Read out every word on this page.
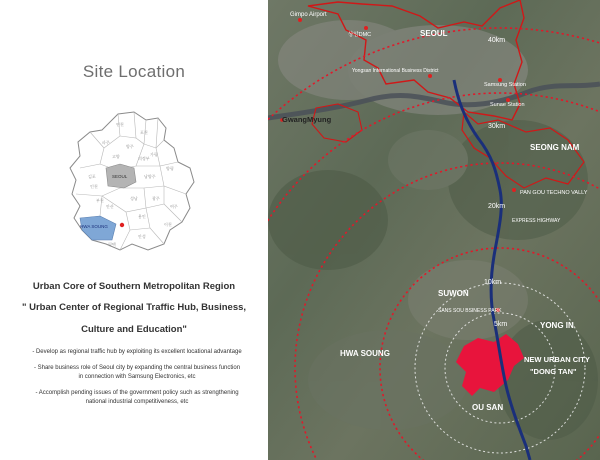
Site Location
연천
포천
파주
양주
가평
고양	의정부
양평
김포	남양주
부천	성남	광주
여주
안산
용인
이천
안성
평택
인천
SEOUL
HWA SOUNG
Urban Core of Southern Metropolitan Region
" Urban Center of Regional Traffic Hub, Business,
Culture and Education"
- Develop as regional traffic hub by exploiting its excellent locational advantage
- Share business role of Seoul city by expanding the central business function
in connection with Samsung Electronics, etc
- Accomplish pending issues of the government policy such as strengthening
national industrial competitiveness, etc
Gimpo Airport
상암DMC	SEOUL
40km
Yongsan International Business District
Samsung Station
Sunae Station
GwangMyung
30km
SEONG NAM
PAN GOU TECHNO VALLY
20km
EXPRESS HIGHWAY
10km
SUWON
SANS SOU BSINESS PARK
5km	YONG IN
HWA SOUNG
NEW URBAN CITY
"DONG TAN"
OU SAN
